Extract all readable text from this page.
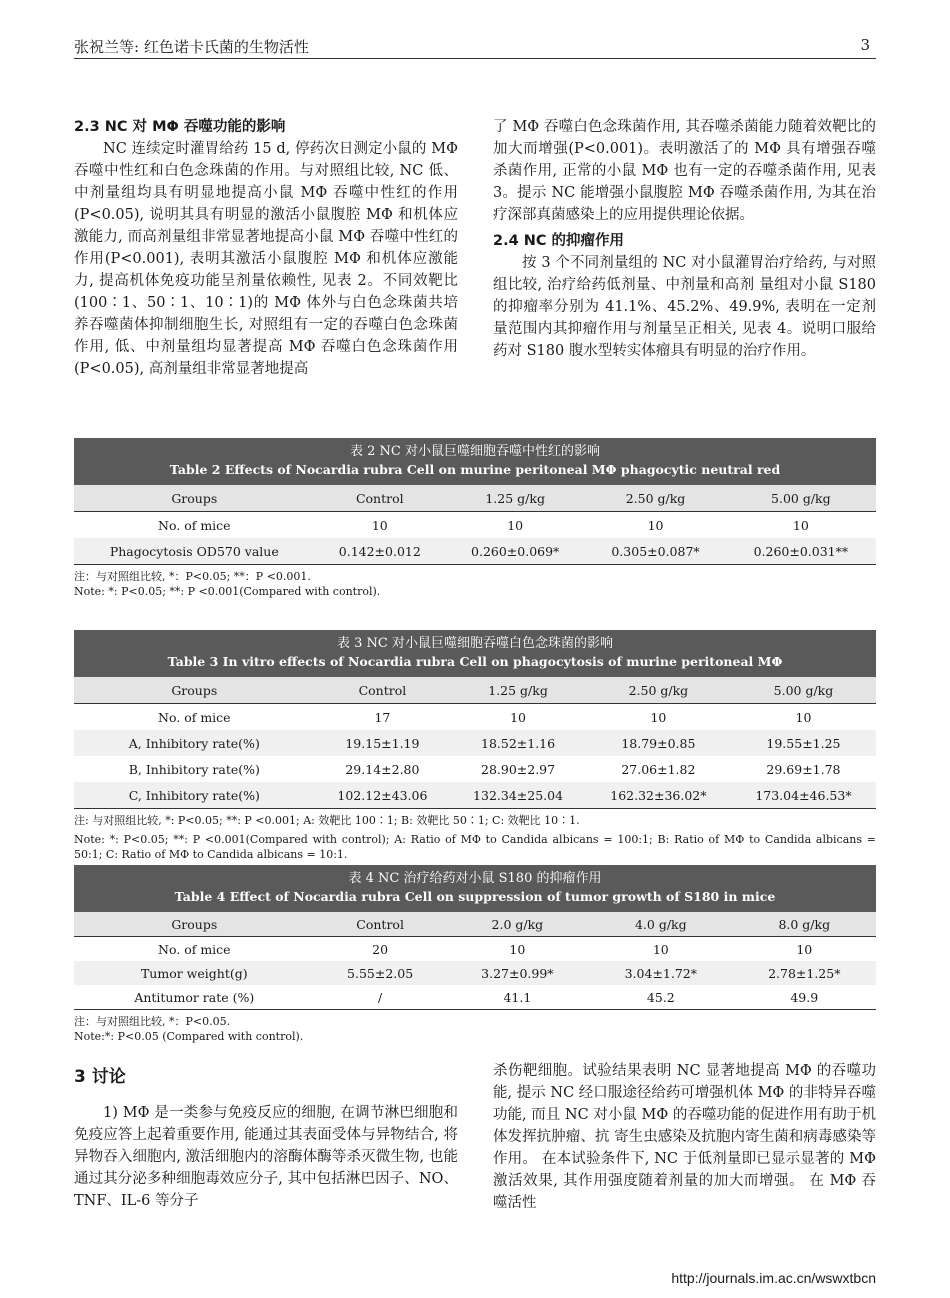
张祝兰等: 红色诺卡氏菌的生物活性	3

2.3 NC 对 MΦ 吞噬功能的影响

NC 连续定时灌胃给药 15 d, 停药次日测定小鼠的 MΦ 吞噬中性红和白色念珠菌的作用。与对照组比较, NC 低、中剂量组均具有明显地提高小鼠 MΦ 吞噬中性红的作用(P<0.05), 说明其具有明显的激活小鼠腹腔 MΦ 和机体应激能力, 而高剂量组非常显著地提高小鼠 MΦ 吞噬中性红的作用(P<0.001), 表明其激活小鼠腹腔 MΦ 和机体应激能力, 提高机体免疫功能呈剂量依赖性, 见表 2。不同效靶比(100∶1、50∶1、10∶1)的 MΦ 体外与白色念珠菌共培养吞噬菌体抑制细胞生长, 对照组有一定的吞噬白色念珠菌作用, 低、中剂量组均显著提高 MΦ 吞噬白色念珠菌作用(P<0.05), 高剂量组非常显著地提高

了 MΦ 吞噬白色念珠菌作用, 其吞噬杀菌能力随着效靶比的加大而增强(P<0.001)。表明激活了的 MΦ 具有增强吞噬杀菌作用, 正常的小鼠 MΦ 也有一定的吞噬杀菌作用, 见表 3。提示 NC 能增强小鼠腹腔 MΦ 吞噬杀菌作用, 为其在治疗深部真菌感染上的应用提供理论依据。

2.4 NC 的抑瘤作用

按 3 个不同剂量组的 NC 对小鼠灌胃治疗给药, 与对照组比较, 治疗给药低剂量、中剂量和高剂 量组对小鼠 S180 的抑瘤率分别为 41.1%、45.2%、49.9%, 表明在一定剂量范围内其抑瘤作用与剂量呈正相关, 见表 4。说明口服给药对 S180 腹水型转实体瘤具有明显的治疗作用。

表 2 NC 对小鼠巨噬细胞吞噬中性红的影响
Table 2 Effects of Nocardia rubra Cell on murine peritoneal MΦ phagocytic neutral red
Groups	Control	1.25 g/kg	2.50 g/kg	5.00 g/kg
No. of mice	10	10	10	10
Phagocytosis OD570 value	0.142±0.012	0.260±0.069*	0.305±0.087*	0.260±0.031**
注：与对照组比较, *：P<0.05; **：P <0.001.
Note: *: P<0.05; **: P <0.001(Compared with control).
表 3 NC 对小鼠巨噬细胞吞噬白色念珠菌的影响
Table 3 In vitro effects of Nocardia rubra Cell on phagocytosis of murine peritoneal MΦ
Groups	Control	1.25 g/kg	2.50 g/kg	5.00 g/kg
No. of mice	17	10	10	10
A, Inhibitory rate(%)	19.15±1.19	18.52±1.16	18.79±0.85	19.55±1.25
B, Inhibitory rate(%)	29.14±2.80	28.90±2.97	27.06±1.82	29.69±1.78
C, Inhibitory rate(%)	102.12±43.06	132.34±25.04	162.32±36.02*	173.04±46.53*
注: 与对照组比较, *: P<0.05; **: P <0.001; A: 效靶比 100∶1; B: 效靶比 50∶1; C: 效靶比 10∶1.
Note: *: P<0.05; **: P <0.001(Compared with control); A: Ratio of MΦ to Candida albicans = 100:1; B: Ratio of MΦ to Candida albicans = 50:1; C: Ratio of MΦ to Candida albicans = 10:1.
表 4 NC 治疗给药对小鼠 S180 的抑瘤作用
Table 4 Effect of Nocardia rubra Cell on suppression of tumor growth of S180 in mice
Groups	Control	2.0 g/kg	4.0 g/kg	8.0 g/kg
No. of mice	20	10	10	10
Tumor weight(g)	5.55±2.05	3.27±0.99*	3.04±1.72*	2.78±1.25*
Antitumor rate (%)	/	41.1	45.2	49.9
注：与对照组比较, *：P<0.05.
Note:*: P<0.05 (Compared with control).

3 讨论

1) MΦ 是一类参与免疫反应的细胞, 在调节淋巴细胞和免疫应答上起着重要作用, 能通过其表面受体与异物结合, 将异物吞入细胞内, 激活细胞内的溶酶体酶等杀灭微生物, 也能通过其分泌多种细胞毒效应分子, 其中包括淋巴因子、NO、TNF、IL-6 等分子

杀伤靶细胞。试验结果表明 NC 显著地提高 MΦ 的吞噬功能, 提示 NC 经口服途径给药可增强机体 MΦ 的非特异吞噬功能, 而且 NC 对小鼠 MΦ 的吞噬功能的促进作用有助于机体发挥抗肿瘤、抗 寄生虫感染及抗胞内寄生菌和病毒感染等作用。 在本试验条件下, NC 于低剂量即已显示显著的 MΦ 激活效果, 其作用强度随着剂量的加大而增强。 在 MΦ 吞噬活性

http://journals.im.ac.cn/wswxtbcn
